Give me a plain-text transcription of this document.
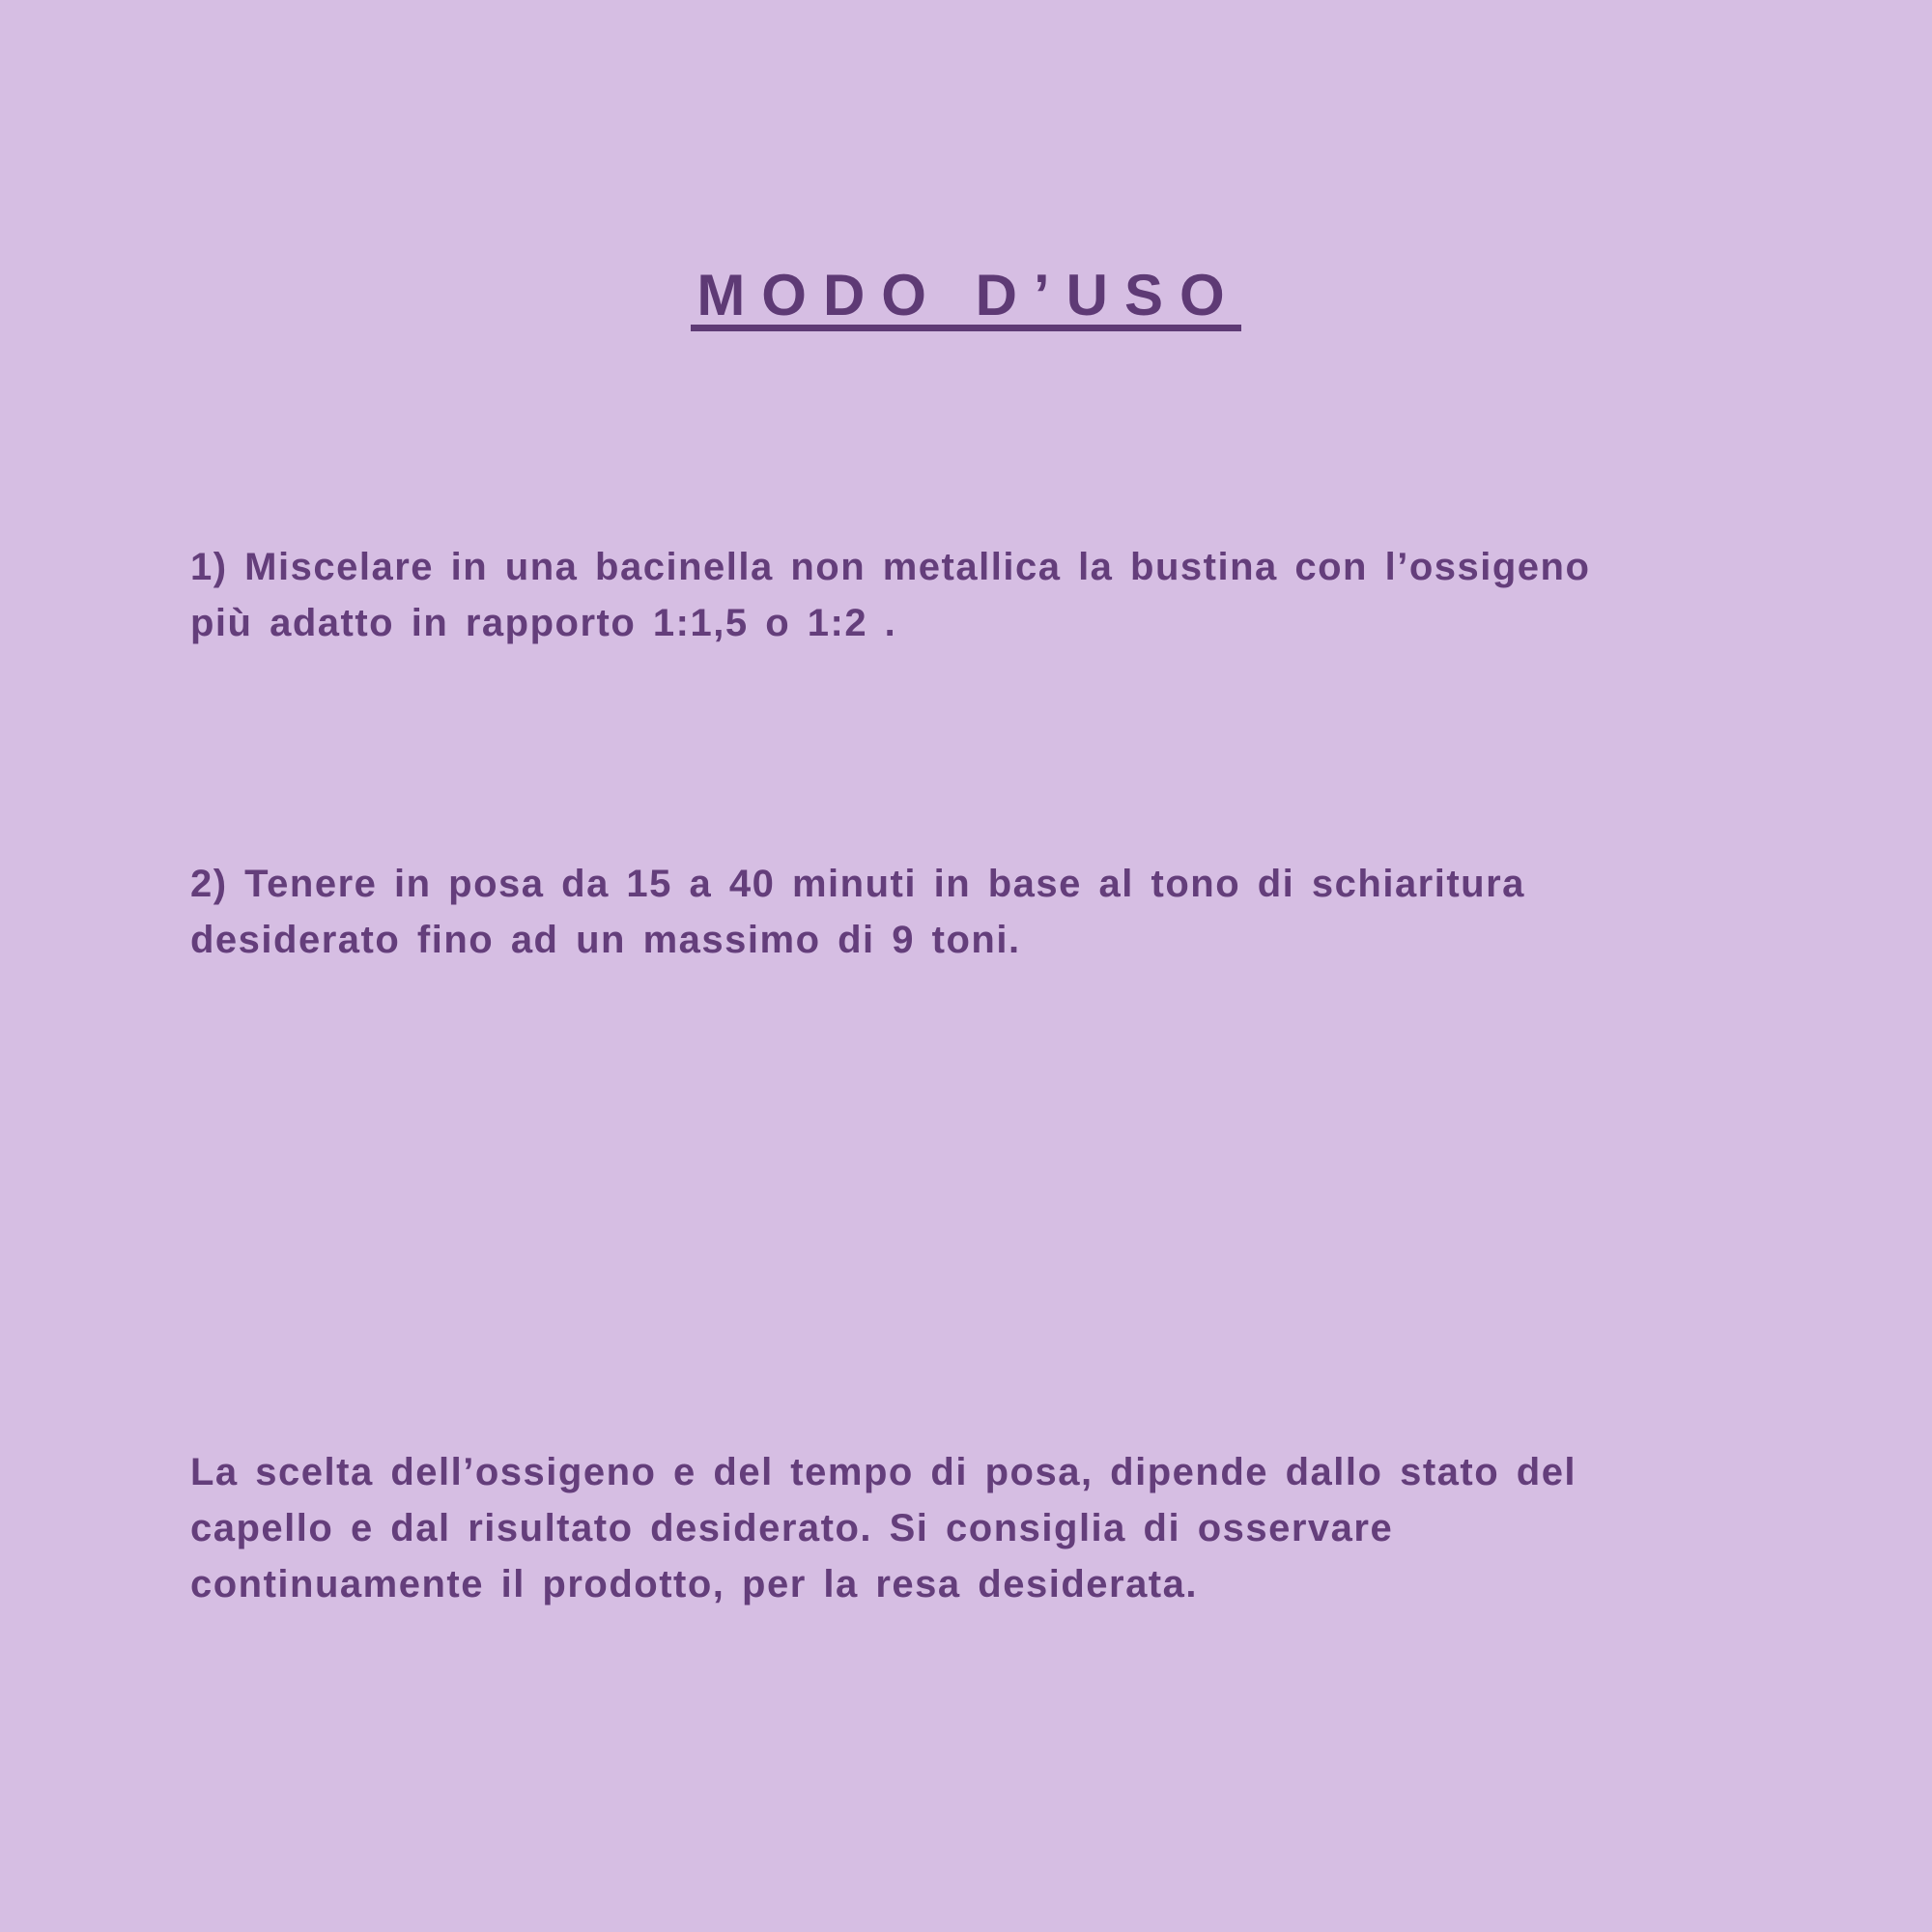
MODO D’USO
1) Miscelare in una bacinella non metallica la bustina con l’ossigeno
più adatto in rapporto 1:1,5 o 1:2 .
2) Tenere in posa da 15 a 40 minuti in base al tono di schiaritura
desiderato fino ad un massimo di 9 toni.
La scelta dell’ossigeno e del tempo di posa, dipende dallo stato del
capello e dal risultato desiderato. Si consiglia di osservare
continuamente il prodotto, per la resa desiderata.
